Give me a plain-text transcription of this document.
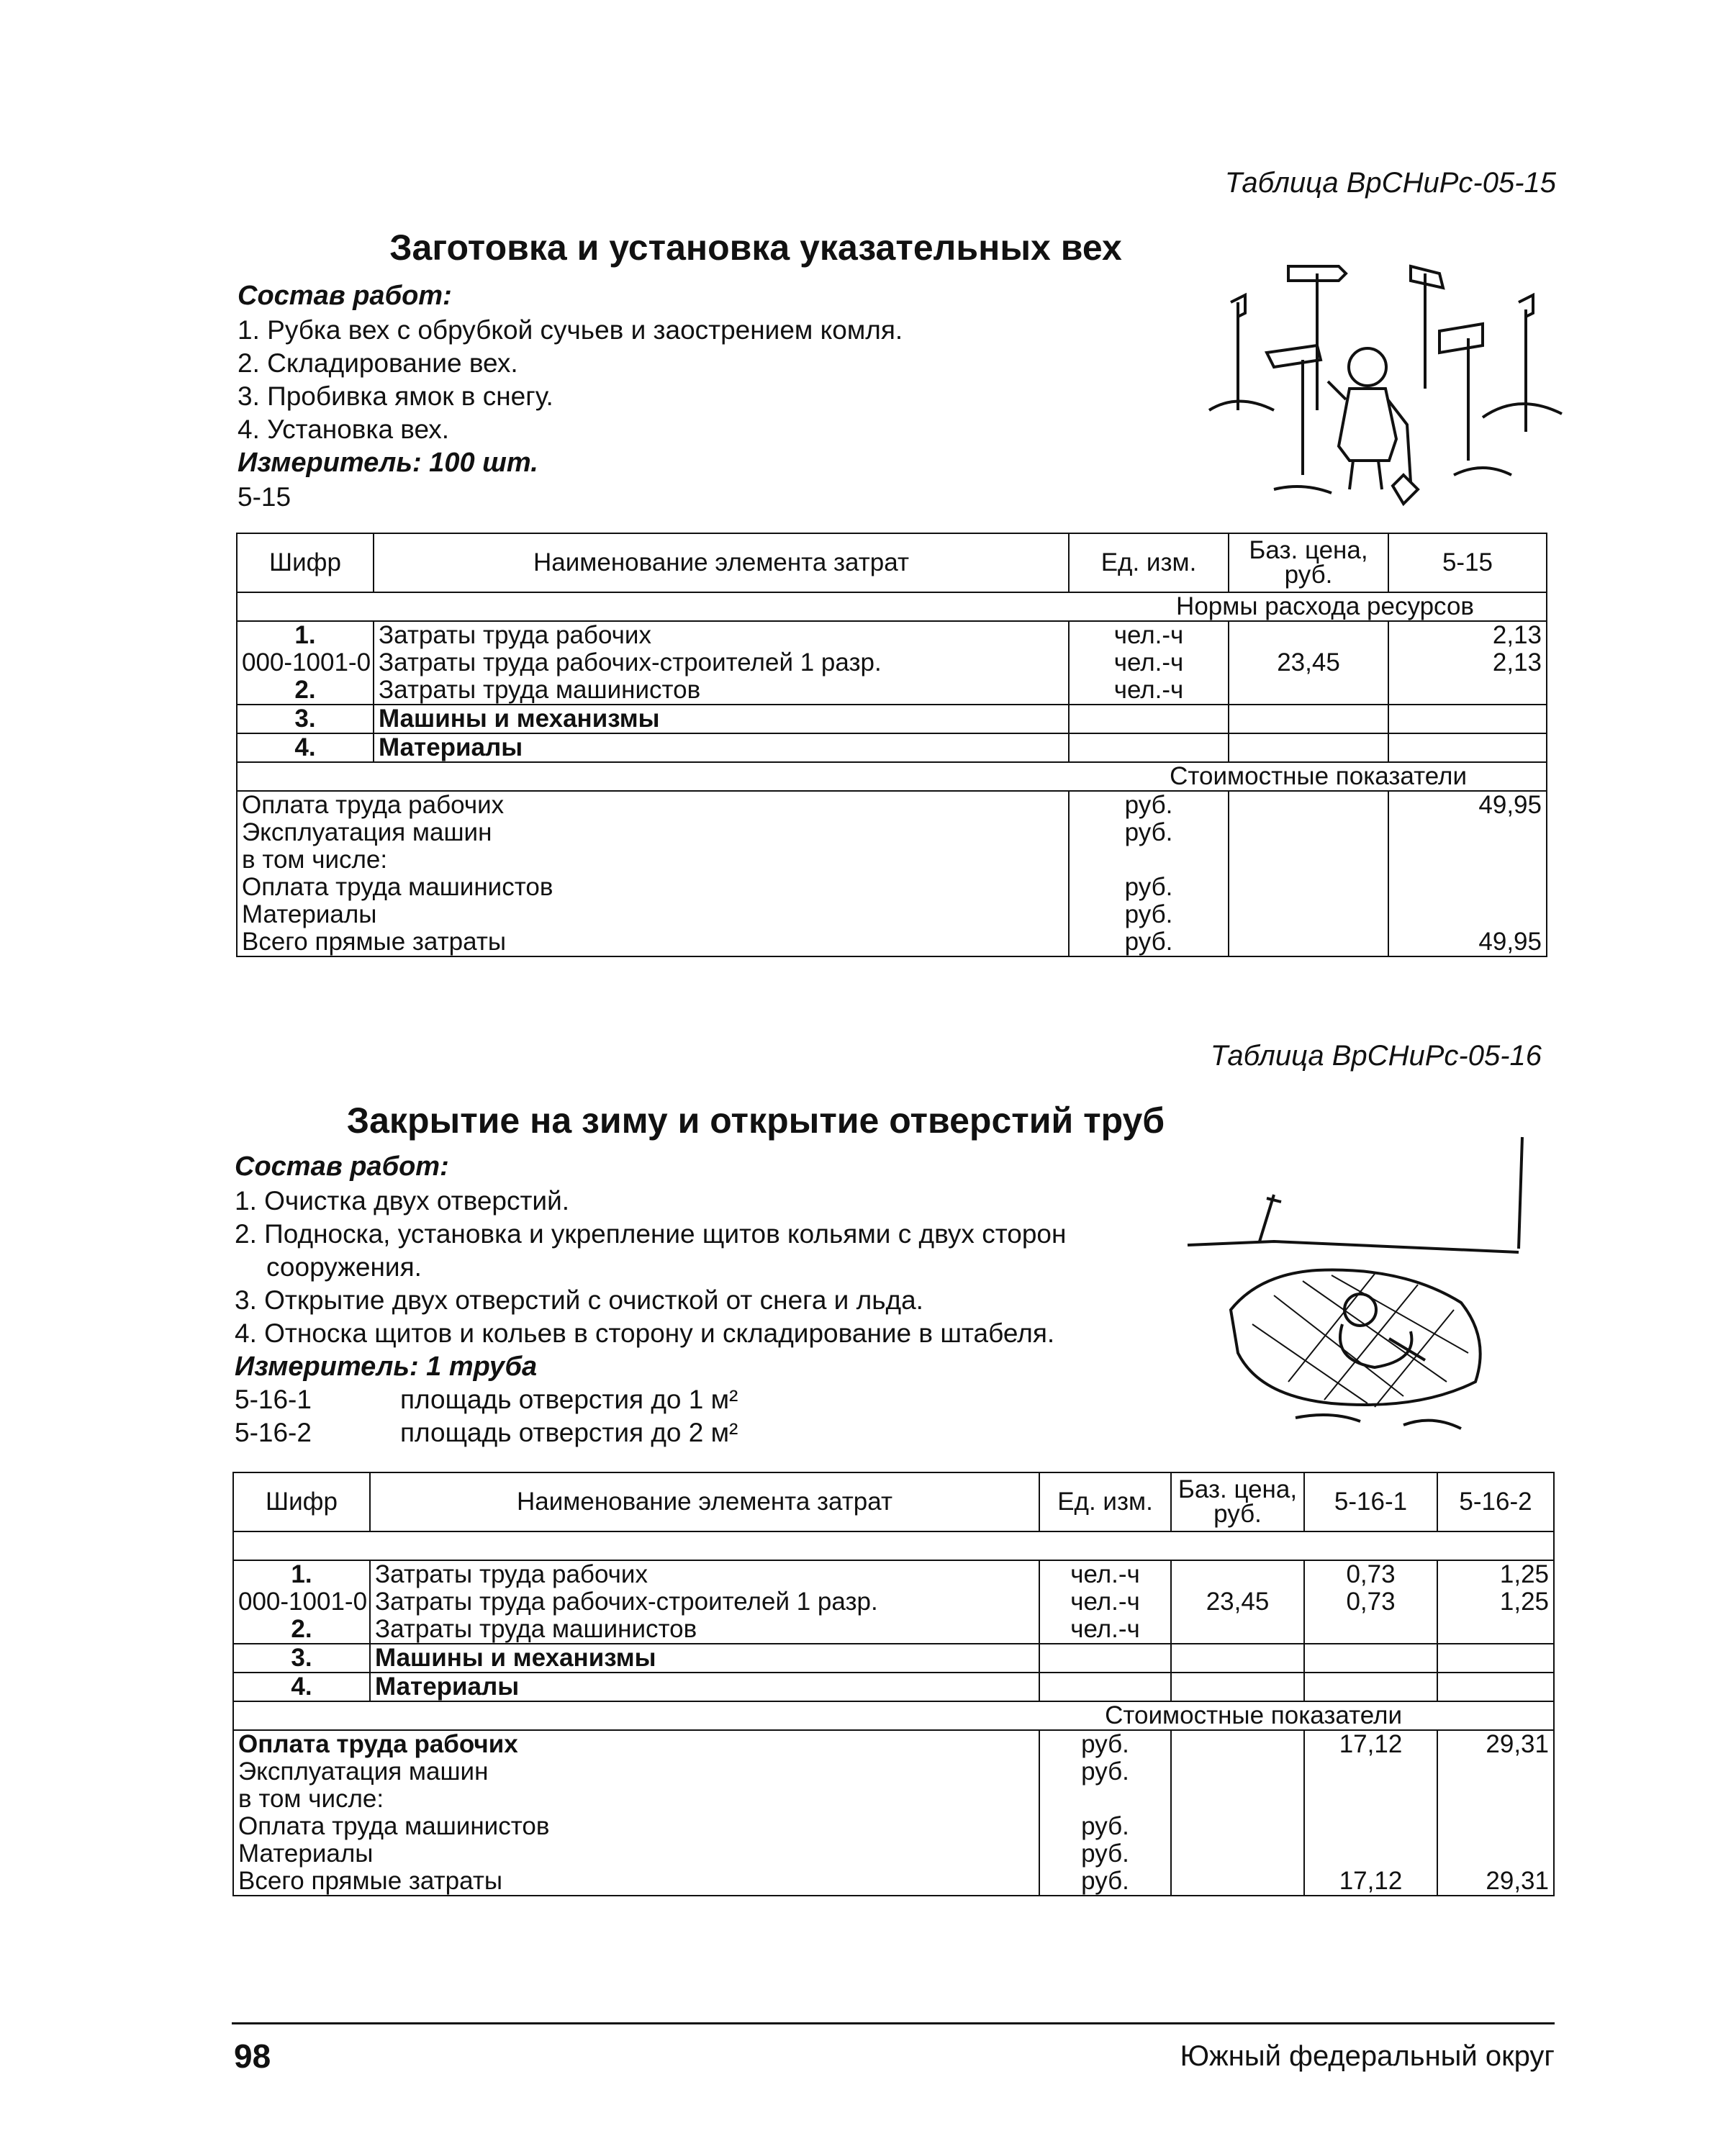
Таблица ВрСНиРс-05-15
Заготовка и установка указательных вех
Состав работ:
1. Рубка вех с обрубкой сучьев и заострением комля.
2. Складирование вех.
3. Пробивка ямок в снегу.
4. Установка вех.
Измеритель: 100 шт.
5-15
Шифр	Наименование элемента затрат	Ед. изм.	Баз. цена, руб.	5-15
Нормы расхода ресурсов				
1.	Затраты труда рабочих	чел.-ч		2,13
000-1001-0	Затраты труда рабочих-строителей 1 разр.	чел.-ч	23,45	2,13
2.	Затраты труда машинистов	чел.-ч		
3.	Машины и механизмы			
4.	Материалы			
Стоимостные показатели				
Оплата труда рабочих		руб.		49,95
Эксплуатация машин		руб.		
в том числе:				
Оплата труда машинистов		руб.		
Материалы		руб.		
Всего прямые затраты		руб.		49,95
Таблица ВрСНиРс-05-16
Закрытие на зиму и открытие отверстий труб
Состав работ:
1. Очистка двух отверстий.
2. Подноска, установка и укрепление щитов кольями с двух сторон
сооружения.
3. Открытие двух отверстий с очисткой от снега и льда.
4. Относка щитов и кольев в сторону и складирование в штабеля.
Измеритель: 1 труба
5-16-1	площадь отверстия до 1 м²
5-16-2	площадь отверстия до 2 м²
Шифр	Наименование элемента затрат	Ед. изм.	Баз. цена, руб.	5-16-1	5-16-2

1.	Затраты труда рабочих	чел.-ч		0,73	1,25
000-1001-0	Затраты труда рабочих-строителей 1 разр.	чел.-ч	23,45	0,73	1,25
2.	Затраты труда машинистов	чел.-ч			
3.	Машины и механизмы				
4.	Материалы				
Стоимостные показатели					
Оплата труда рабочих		руб.		17,12	29,31
Эксплуатация машин		руб.			
в том числе:					
Оплата труда машинистов		руб.			
Материалы		руб.			
Всего прямые затраты		руб.		17,12	29,31
98	Южный федеральный округ
